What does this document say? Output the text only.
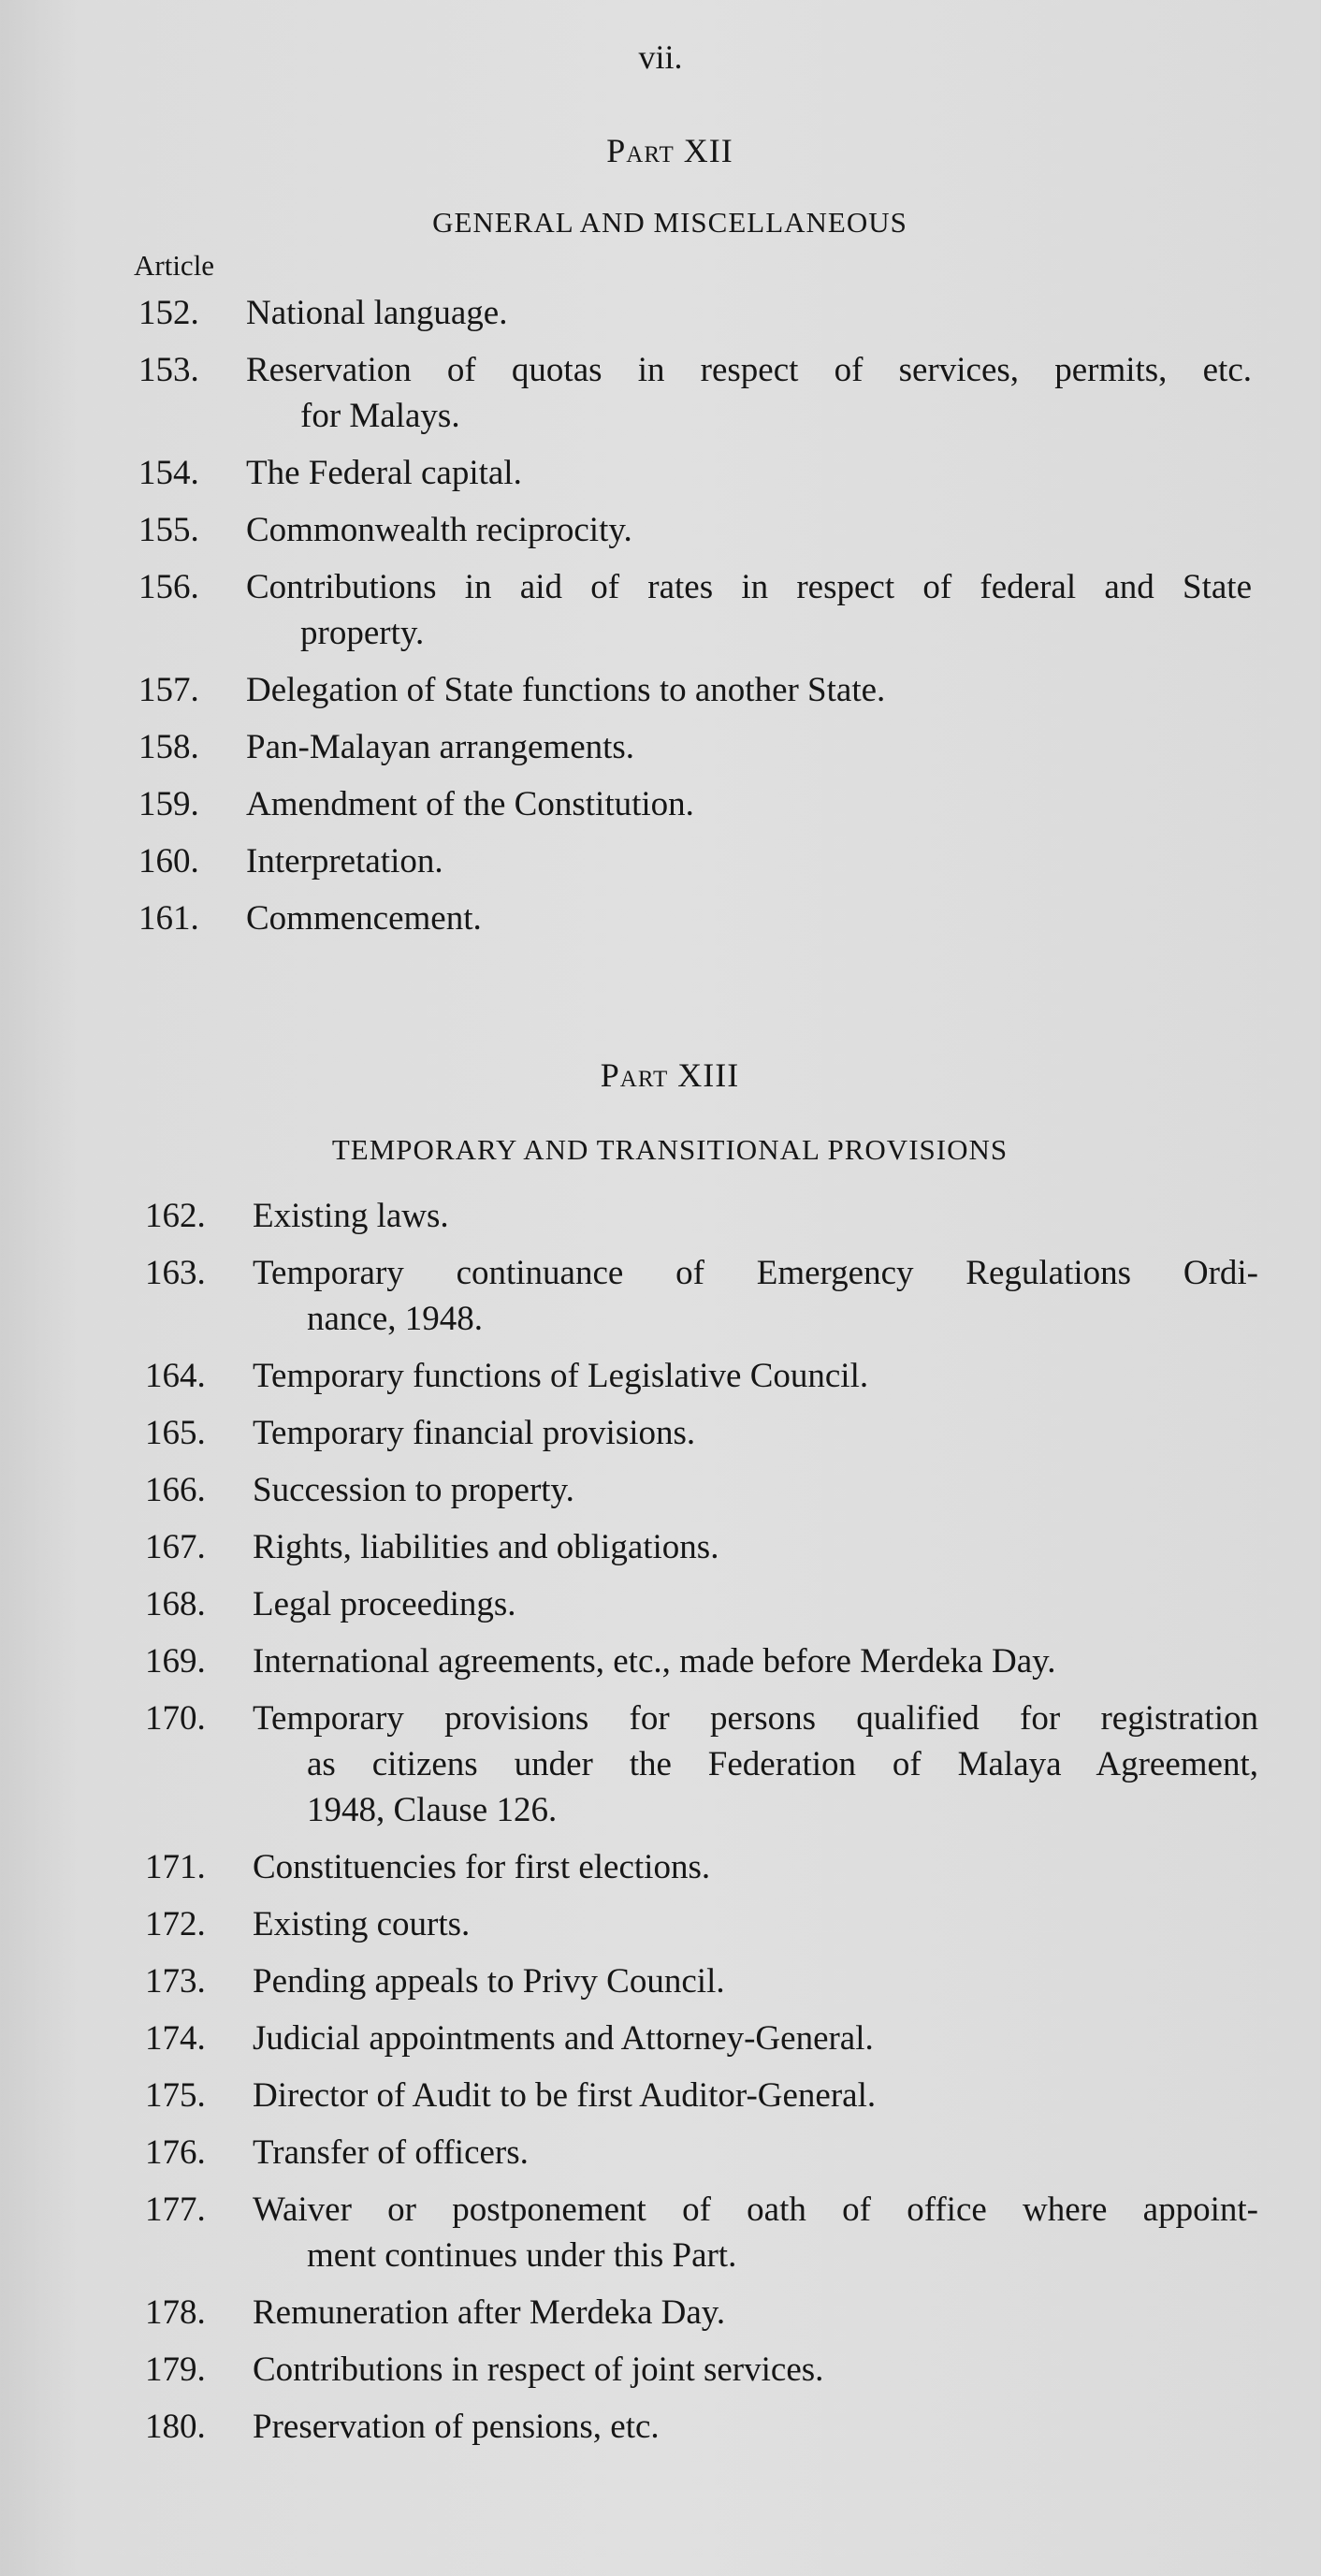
vii.
Part XII
GENERAL AND MISCELLANEOUS
Article
152.	National language.
153.	Reservation of quotas in respect of services, permits, etc.
for Malays.
154.	The Federal capital.
155.	Commonwealth reciprocity.
156.	Contributions in aid of rates in respect of federal and State
property.
157.	Delegation of State functions to another State.
158.	Pan-Malayan arrangements.
159.	Amendment of the Constitution.
160.	Interpretation.
161.	Commencement.
Part XIII
TEMPORARY AND TRANSITIONAL PROVISIONS
162.	Existing laws.
163.	Temporary continuance of Emergency Regulations Ordi-
nance, 1948.
164.	Temporary functions of Legislative Council.
165.	Temporary financial provisions.
166.	Succession to property.
167.	Rights, liabilities and obligations.
168.	Legal proceedings.
169.	International agreements, etc., made before Merdeka Day.
170.	Temporary provisions for persons qualified for registration
as citizens under the Federation of Malaya Agreement,
1948, Clause 126.
171.	Constituencies for first elections.
172.	Existing courts.
173.	Pending appeals to Privy Council.
174.	Judicial appointments and Attorney-General.
175.	Director of Audit to be first Auditor-General.
176.	Transfer of officers.
177.	Waiver or postponement of oath of office where appoint-
ment continues under this Part.
178.	Remuneration after Merdeka Day.
179.	Contributions in respect of joint services.
180.	Preservation of pensions, etc.
